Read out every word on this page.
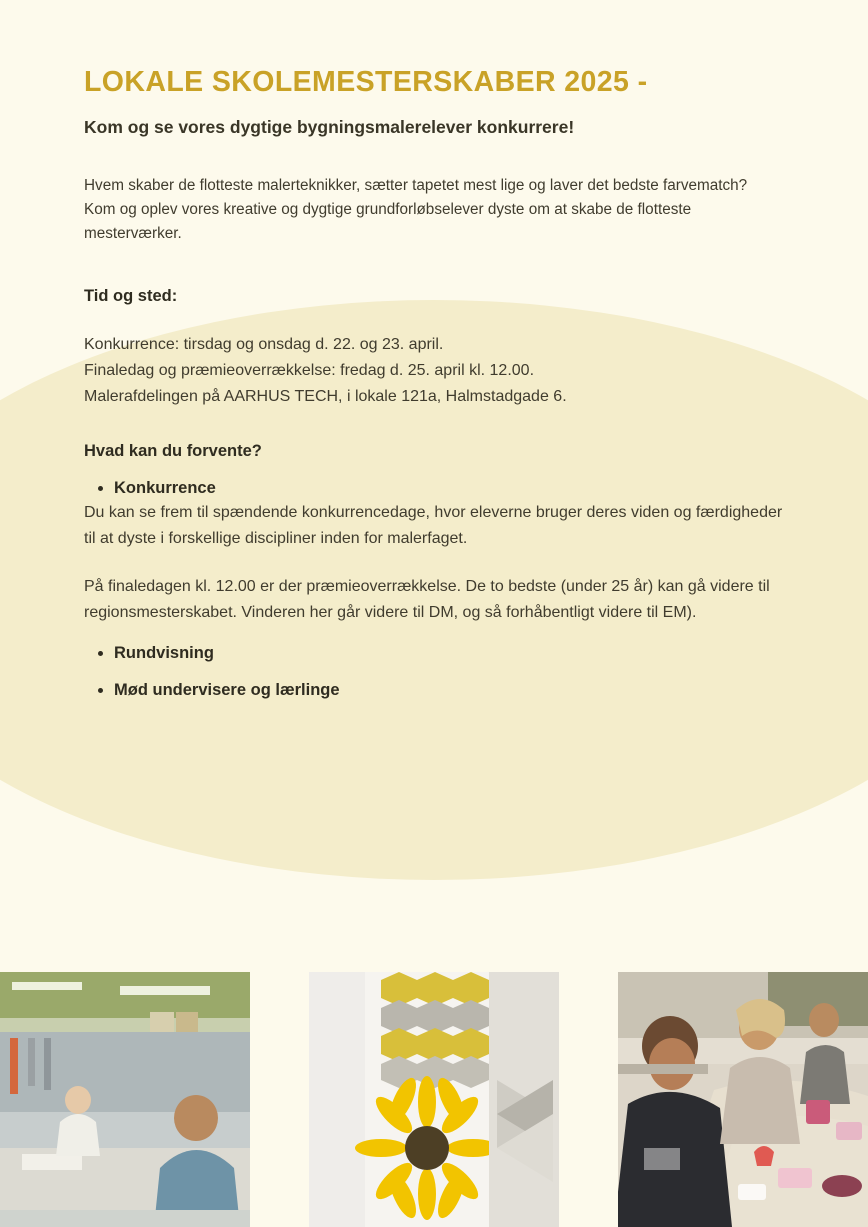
LOKALE SKOLEMESTERSKABER 2025 -

Kom og se vores dygtige bygningsmalerelever konkurrere!

Hvem skaber de flotteste malerteknikker, sætter tapetet mest lige og laver det bedste farvematch? Kom og oplev vores kreative og dygtige grundforløbselever dyste om at skabe de flotteste mesterværker.

Tid og sted:

Konkurrence: tirsdag og onsdag d. 22. og 23. april.

Finaledag og præmieoverrækkelse: fredag d. 25. april kl. 12.00.

Malerafdelingen på AARHUS TECH, i lokale 121a, Halmstadgade 6.

Hvad kan du forvente?

• Konkurrence

Du kan se frem til spændende konkurrencedage, hvor eleverne bruger deres viden og færdigheder til at dyste i forskellige discipliner inden for malerfaget.

På finaledagen kl. 12.00 er der præmieoverrækkelse. De to bedste (under 25 år) kan gå videre til regionsmesterskabet. Vinderen her går videre til DM, og så forhåbentligt videre til EM).

• Rundvisning
• Mød undervisere og lærlinge
